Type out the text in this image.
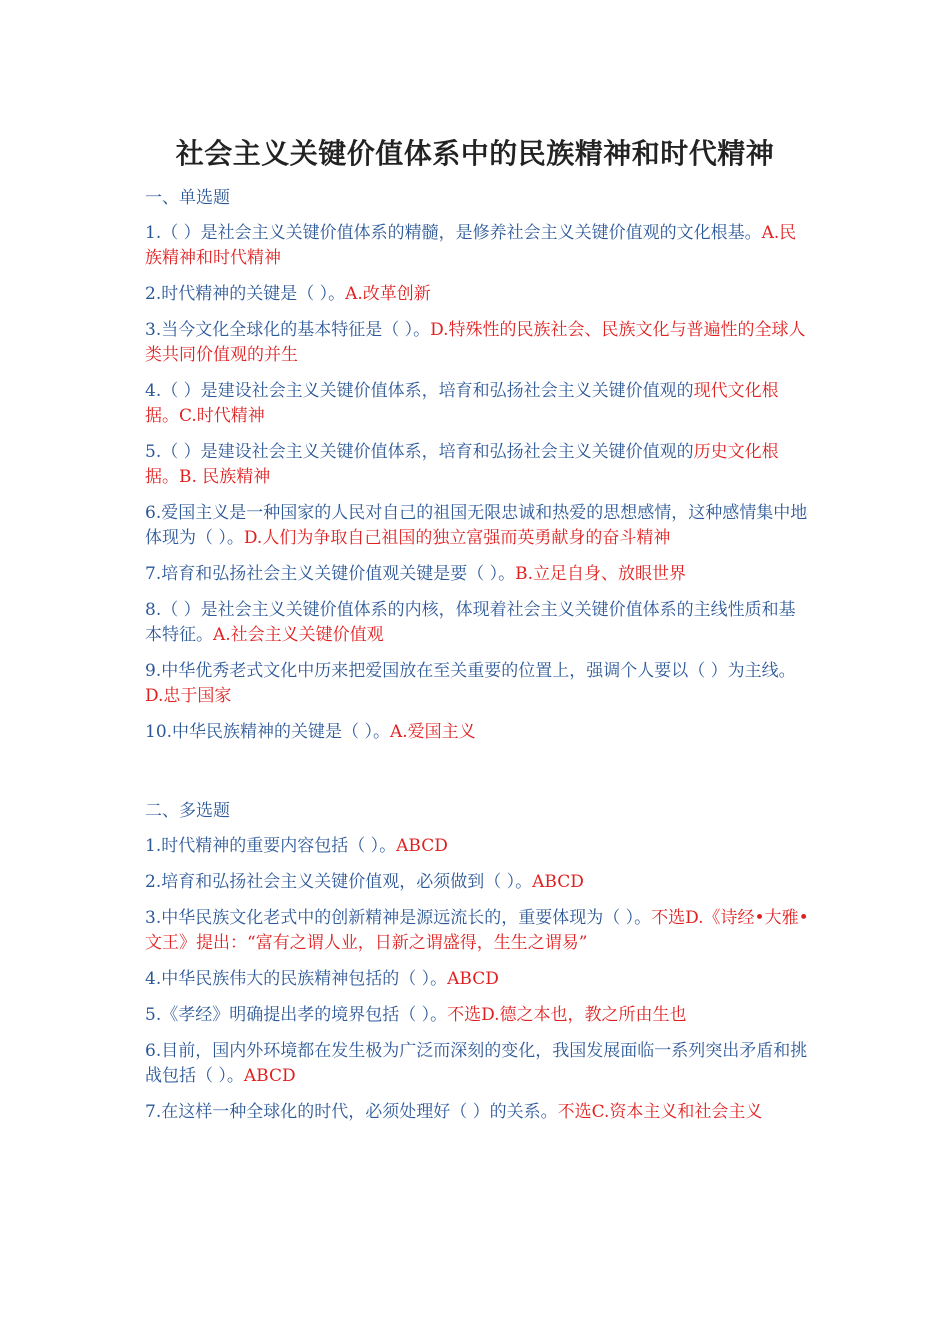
社会主义关键价值体系中的民族精神和时代精神
一、单选题
1.（ ）是社会主义关键价值体系的精髓，是修养社会主义关键价值观的文化根基。A.民族精神和时代精神
2.时代精神的关键是（ ）。A.改革创新
3.当今文化全球化的基本特征是（ ）。D.特殊性的民族社会、民族文化与普遍性的全球人类共同价值观的并生
4.（ ）是建设社会主义关键价值体系，培育和弘扬社会主义关键价值观的现代文化根据。C.时代精神
5.（ ）是建设社会主义关键价值体系，培育和弘扬社会主义关键价值观的历史文化根据。B. 民族精神
6.爱国主义是一种国家的人民对自己的祖国无限忠诚和热爱的思想感情，这种感情集中地体现为（ ）。D.人们为争取自己祖国的独立富强而英勇献身的奋斗精神
7.培育和弘扬社会主义关键价值观关键是要（ ）。B.立足自身、放眼世界
8.（ ）是社会主义关键价值体系的内核，体现着社会主义关键价值体系的主线性质和基本特征。A.社会主义关键价值观
9.中华优秀老式文化中历来把爱国放在至关重要的位置上，强调个人要以（ ）为主线。D.忠于国家
10.中华民族精神的关键是（ ）。A.爱国主义
二、多选题
1.时代精神的重要内容包括（ ）。ABCD
2.培育和弘扬社会主义关键价值观，必须做到（ ）。ABCD
3.中华民族文化老式中的创新精神是源远流长的，重要体现为（ ）。不选D.《诗经•大雅•文王》提出：“富有之谓人业，日新之谓盛得，生生之谓易”
4.中华民族伟大的民族精神包括的（ ）。ABCD
5.《孝经》明确提出孝的境界包括（ ）。不选D.德之本也，教之所由生也
6.目前，国内外环境都在发生极为广泛而深刻的变化，我国发展面临一系列突出矛盾和挑战包括（ ）。ABCD
7.在这样一种全球化的时代，必须处理好（ ）的关系。不选C.资本主义和社会主义
